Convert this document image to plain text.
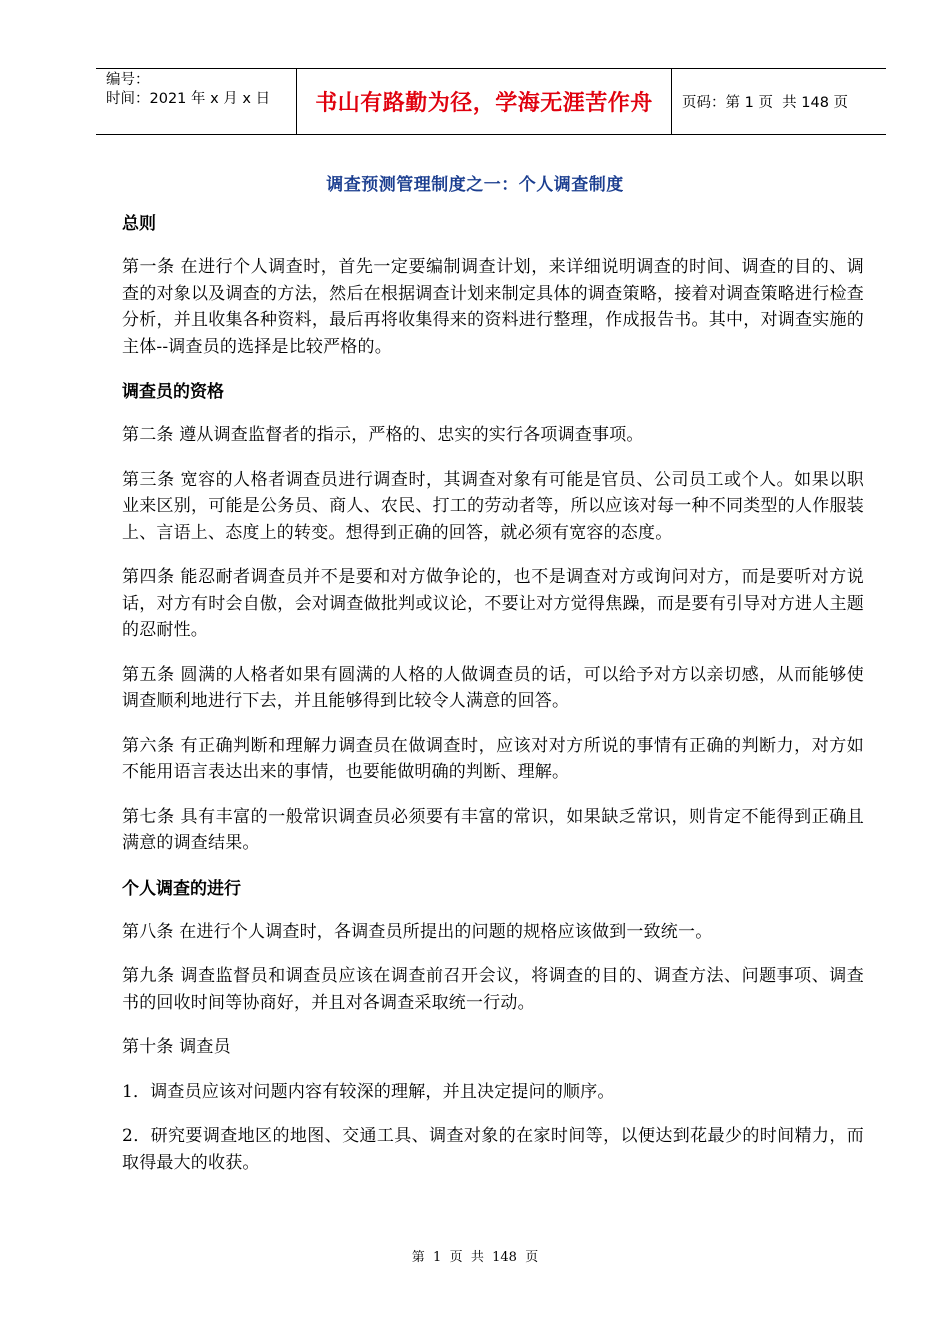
编号：
时间：2021 年 x 月 x 日	书山有路勤为径，学海无涯苦作舟 页码：第 1 页  共 148 页
调查预测管理制度之一：个人调查制度
总则

第一条 在进行个人调查时，首先一定要编制调查计划，来详细说明调查的时间、调查的目的、调查的对象以及调查的方法，然后在根据调查计划来制定具体的调查策略，接着对调查策略进行检查分析，并且收集各种资料，最后再将收集得来的资料进行整理，作成报告书。其中，对调查实施的主体--调查员的选择是比较严格的。

调查员的资格

第二条 遵从调查监督者的指示，严格的、忠实的实行各项调查事项。

第三条 宽容的人格者调查员进行调查时，其调查对象有可能是官员、公司员工或个人。如果以职业来区别，可能是公务员、商人、农民、打工的劳动者等，所以应该对每一种不同类型的人作服装上、言语上、态度上的转变。想得到正确的回答，就必须有宽容的态度。

第四条 能忍耐者调查员并不是要和对方做争论的，也不是调查对方或询问对方，而是要听对方说话，对方有时会自傲，会对调查做批判或议论，不要让对方觉得焦躁，而是要有引导对方进人主题的忍耐性。

第五条 圆满的人格者如果有圆满的人格的人做调查员的话，可以给予对方以亲切感，从而能够使调查顺利地进行下去，并且能够得到比较令人满意的回答。

第六条 有正确判断和理解力调查员在做调查时，应该对对方所说的事情有正确的判断力，对方如不能用语言表达出来的事情，也要能做明确的判断、理解。

第七条 具有丰富的一般常识调查员必须要有丰富的常识，如果缺乏常识，则肯定不能得到正确且满意的调查结果。

个人调查的进行

第八条 在进行个人调查时，各调查员所提出的问题的规格应该做到一致统一。

第九条 调查监督员和调查员应该在调查前召开会议，将调查的目的、调查方法、问题事项、调查书的回收时间等协商好，并且对各调查采取统一行动。

第十条 调查员

1．调查员应该对问题内容有较深的理解，并且决定提问的顺序。

2．研究要调查地区的地图、交通工具、调查对象的在家时间等，以便达到花最少的时间精力，而取得最大的收获。

第  1  页  共  148  页
